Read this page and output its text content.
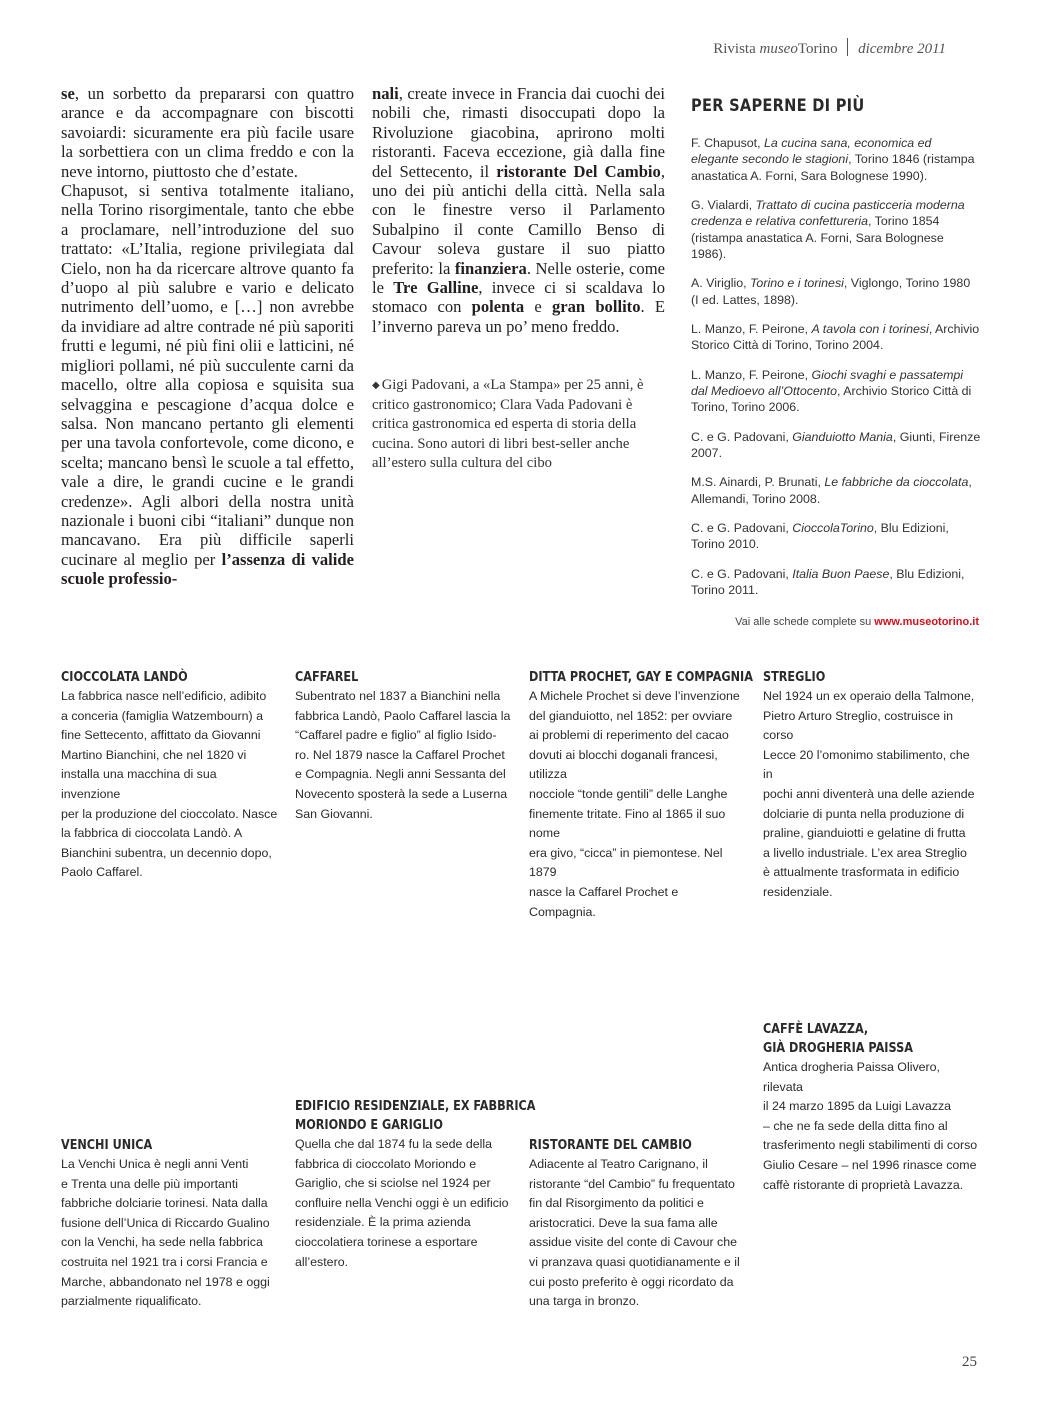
Rivista museoTorino dicembre 2011
se, un sorbetto da prepararsi con quattro arance e da accompagnare con biscotti savoiardi: sicuramente era più facile usare la sorbettiera con un clima freddo e con la neve intorno, piuttosto che d’estate.
Chapusot, si sentiva totalmente italiano, nella Torino risorgimentale, tanto che ebbe a proclamare, nell’introduzione del suo trattato: «L’Italia, regione privilegiata dal Cielo, non ha da ricercare altrove quanto fa d’uopo al più salubre e vario e delicato nutrimento dell’uomo, e […] non avrebbe da invidiare ad altre contrade né più saporiti frutti e legumi, né più fini olii e latticini, né migliori pollami, né più succulente carni da macello, oltre alla copiosa e squisita sua selvaggina e pescagione d’acqua dolce e salsa. Non mancano pertanto gli elementi per una tavola confortevole, come dicono, e scelta; mancano bensì le scuole a tal effetto, vale a dire, le grandi cucine e le grandi credenze». Agli albori della nostra unità nazionale i buoni cibi “italiani” dunque non mancavano. Era più difficile saperli cucinare al meglio per l’assenza di valide scuole professio-
nali, create invece in Francia dai cuochi dei nobili che, rimasti disoccupati dopo la Rivoluzione giacobina, aprirono molti ristoranti. Faceva eccezione, già dalla fine del Settecento, il ristorante Del Cambio, uno dei più antichi della città. Nella sala con le finestre verso il Parlamento Subalpino il conte Camillo Benso di Cavour soleva gustare il suo piatto preferito: la finanziera. Nelle osterie, come le Tre Galline, invece ci si scaldava lo stomaco con polenta e gran bollito. E l’inverno pareva un po’ meno freddo.
◆ Gigi Padovani, a «La Stampa» per 25 anni, è critico gastronomico; Clara Vada Padovani è critica gastronomica ed esperta di storia della cucina. Sono autori di libri best-seller anche all’estero sulla cultura del cibo
PER SAPERNE DI PIÙ
F. Chapusot, La cucina sana, economica ed elegante secondo le stagioni, Torino 1846 (ristampa anastatica A. Forni, Sara Bolognese 1990).
G. Vialardi, Trattato di cucina pasticceria moderna credenza e relativa confettureria, Torino 1854 (ristampa anastatica A. Forni, Sara Bolognese 1986).
A. Viriglio, Torino e i torinesi, Viglongo, Torino 1980 (I ed. Lattes, 1898).
L. Manzo, F. Peirone, A tavola con i torinesi, Archivio Storico Città di Torino, Torino 2004.
L. Manzo, F. Peirone, Giochi svaghi e passatempi dal Medioevo all’Ottocento, Archivio Storico Città di Torino, Torino 2006.
C. e G. Padovani, Gianduiotto Mania, Giunti, Firenze 2007.
M.S. Ainardi, P. Brunati, Le fabbriche da cioccolata, Allemandi, Torino 2008.
C. e G. Padovani, CioccolaTorino, Blu Edizioni, Torino 2010.
C. e G. Padovani, Italia Buon Paese, Blu Edizioni, Torino 2011.
Vai alle schede complete su www.museotorino.it
CIOCCOLATA LANDÒ
La fabbrica nasce nell’edificio, adibito
a conceria (famiglia Watzembourn) a
fine Settecento, affittato da Giovanni
Martino Bianchini, che nel 1820 vi
installa una macchina di sua invenzione
per la produzione del cioccolato. Nasce
la fabbrica di cioccolata Landò. A
Bianchini subentra, un decennio dopo,
Paolo Caffarel.
CAFFAREL
Subentrato nel 1837 a Bianchini nella
fabbrica Landò, Paolo Caffarel lascia la
“Caffarel padre e figlio” al figlio Isido-
ro. Nel 1879 nasce la Caffarel Prochet
e Compagnia. Negli anni Sessanta del
Novecento sposterà la sede a Luserna
San Giovanni.
DITTA PROCHET, GAY E COMPAGNIA
A Michele Prochet si deve l’invenzione
del gianduiotto, nel 1852: per ovviare
ai problemi di reperimento del cacao
dovuti ai blocchi doganali francesi, utilizza
nocciole “tonde gentili” delle Langhe
finemente tritate. Fino al 1865 il suo nome
era givo, “cicca” in piemontese. Nel 1879
nasce la Caffarel Prochet e Compagnia.
STREGLIO
Nel 1924 un ex operaio della Talmone,
Pietro Arturo Streglio, costruisce in corso
Lecce 20 l’omonimo stabilimento, che in
pochi anni diventerà una delle aziende
dolciarie di punta nella produzione di
praline, gianduiotti e gelatine di frutta
a livello industriale. L’ex area Streglio
è attualmente trasformata in edificio
residenziale.
VENCHI UNICA
La Venchi Unica è negli anni Venti
e Trenta una delle più importanti
fabbriche dolciarie torinesi. Nata dalla
fusione dell’Unica di Riccardo Gualino
con la Venchi, ha sede nella fabbrica
costruita nel 1921 tra i corsi Francia e
Marche, abbandonato nel 1978 e oggi
parzialmente riqualificato.
EDIFICIO RESIDENZIALE, EX FABBRICA
MORIONDO E GARIGLIO
Quella che dal 1874 fu la sede della
fabbrica di cioccolato Moriondo e
Gariglio, che si sciolse nel 1924 per
confluire nella Venchi oggi è un edificio
residenziale. È la prima azienda
cioccolatiera torinese a esportare
all’estero.
RISTORANTE DEL CAMBIO
Adiacente al Teatro Carignano, il
ristorante “del Cambio” fu frequentato
fin dal Risorgimento da politici e
aristocratici. Deve la sua fama alle
assidue visite del conte di Cavour che
vi pranzava quasi quotidianamente e il
cui posto preferito è oggi ricordato da
una targa in bronzo.
CAFFÈ LAVAZZA,
GIÀ DROGHERIA PAISSA
Antica drogheria Paissa Olivero, rilevata
il 24 marzo 1895 da Luigi Lavazza
– che ne fa sede della ditta fino al
trasferimento negli stabilimenti di corso
Giulio Cesare – nel 1996 rinasce come
caffè ristorante di proprietà Lavazza.
25
